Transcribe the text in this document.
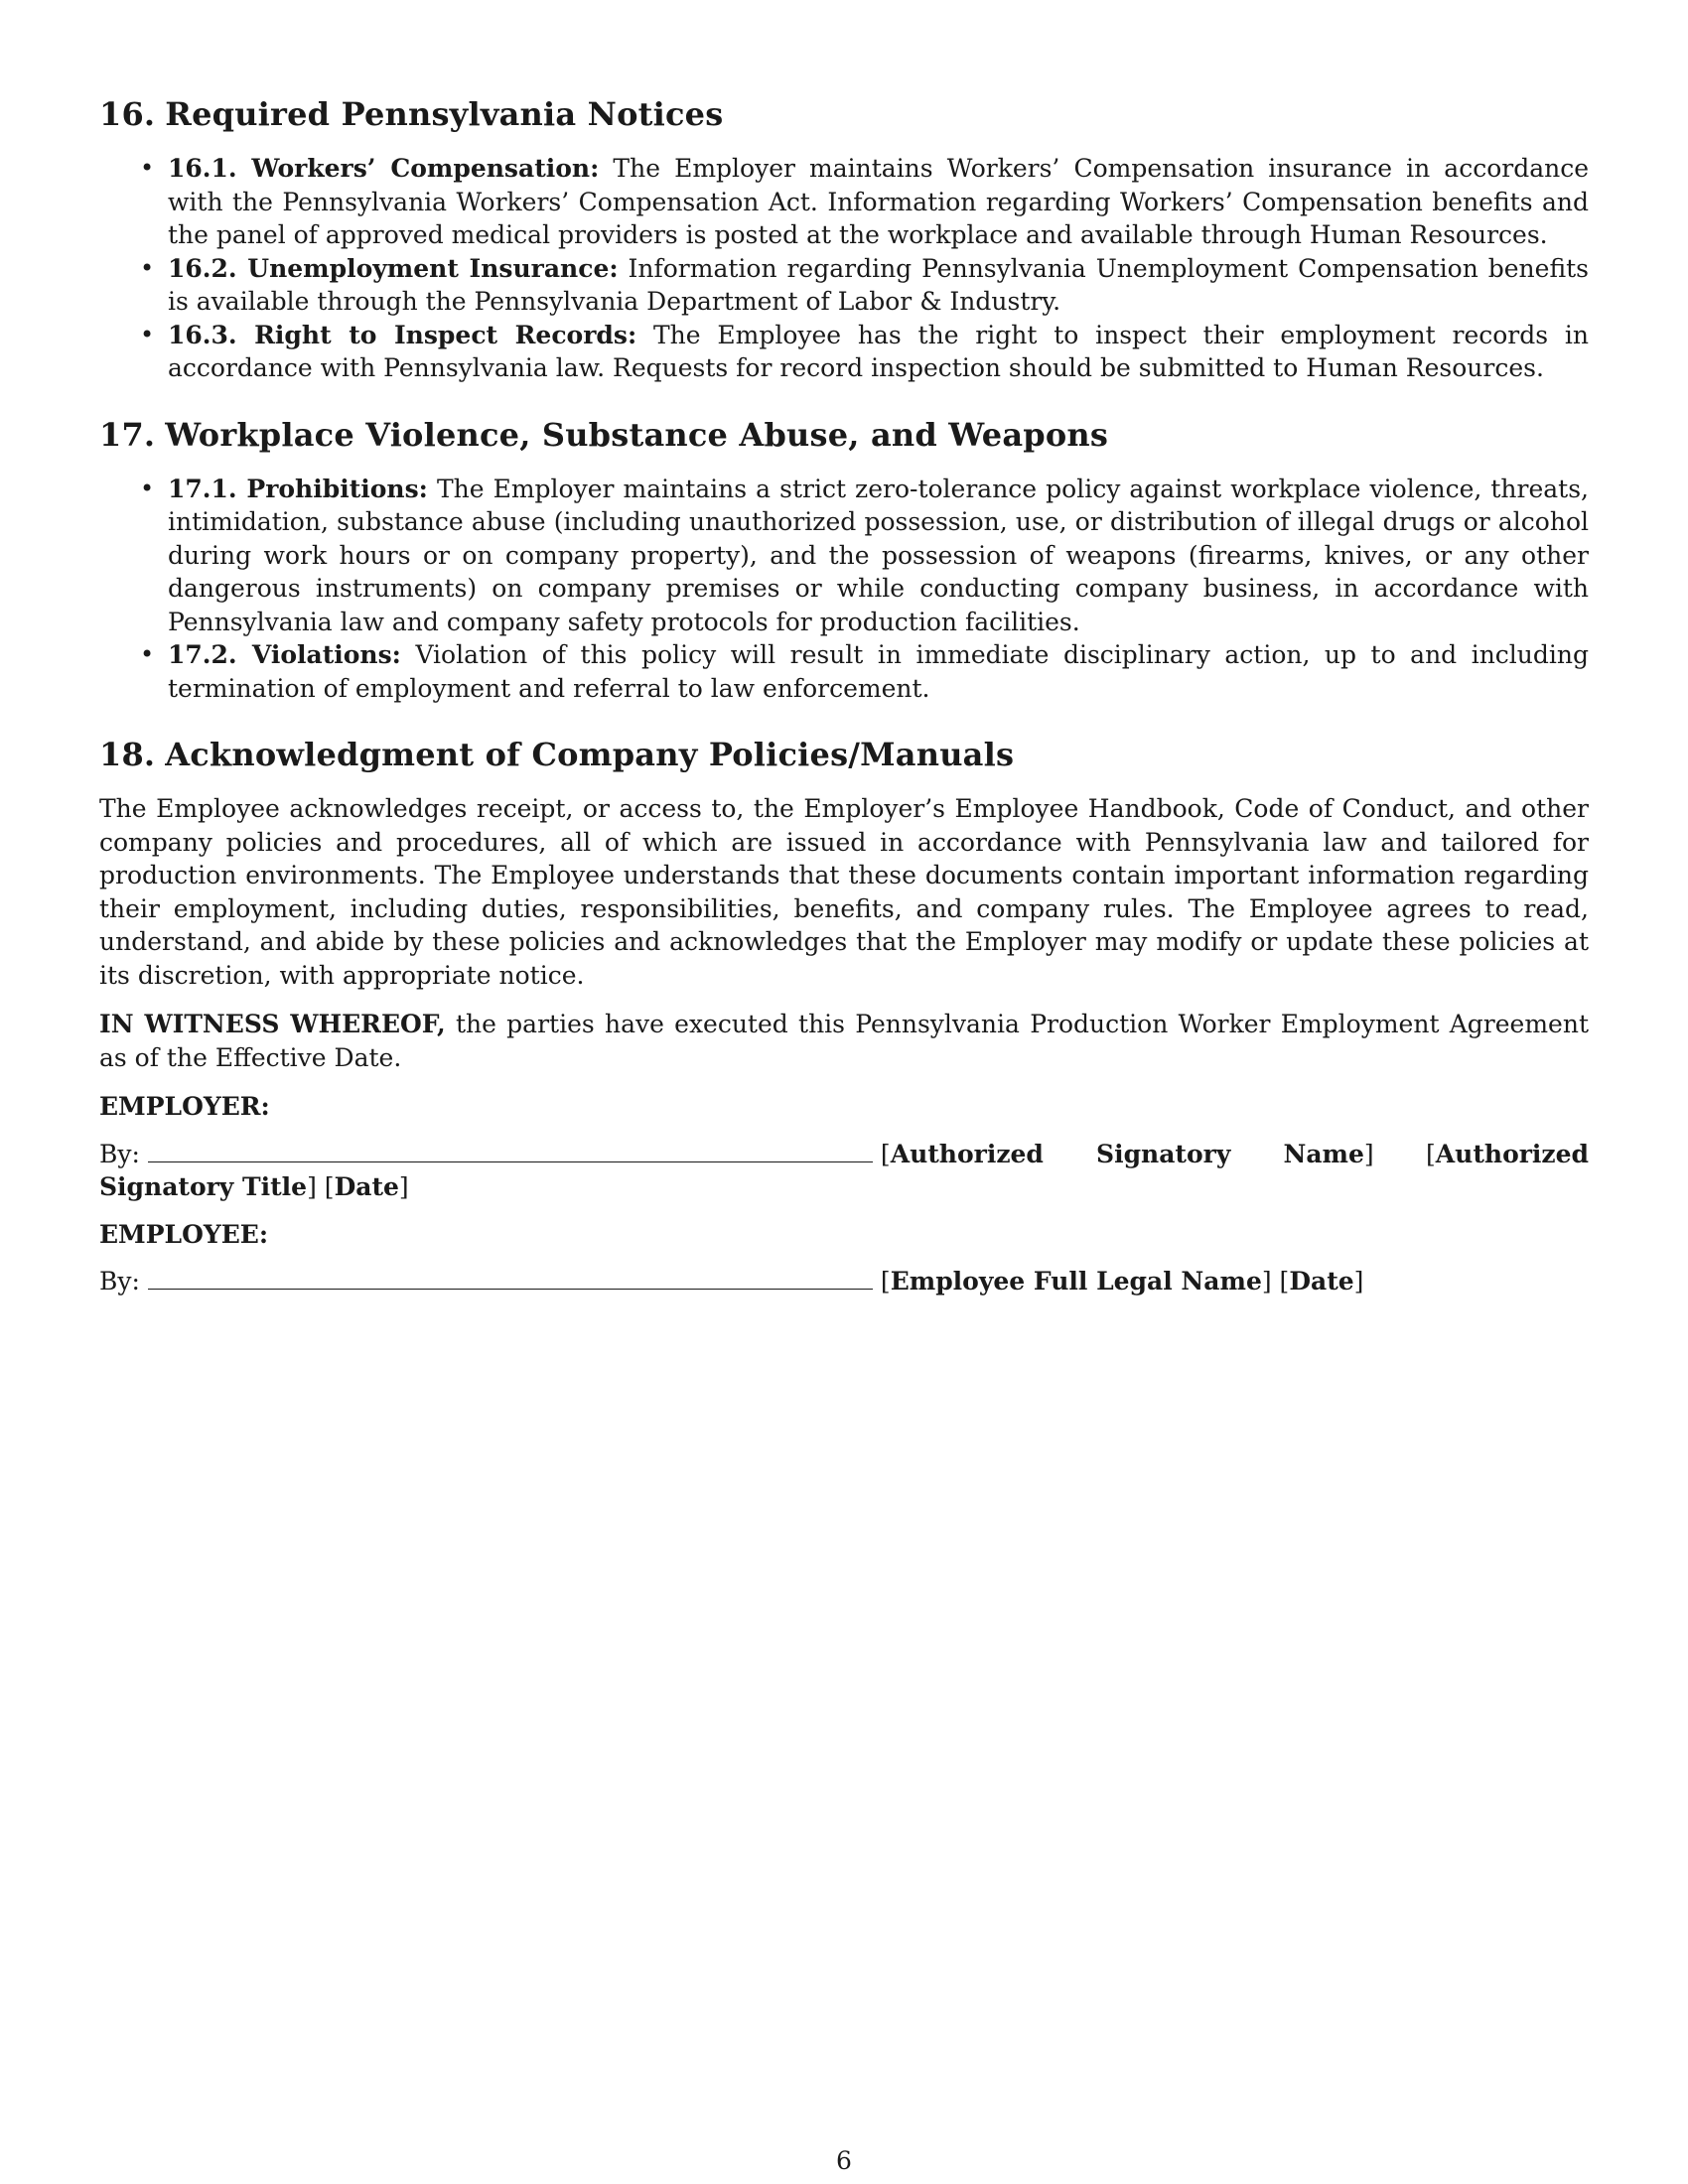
16. Required Pennsylvania Notices
• 16.1. Workers’ Compensation: The Employer maintains Workers’ Compensation insurance in accordance with the Pennsylvania Workers’ Compensation Act. Information regarding Workers’ Compensation benefits and the panel of approved medical providers is posted at the workplace and available through Human Resources.
• 16.2. Unemployment Insurance: Information regarding Pennsylvania Unemployment Compensation benefits is available through the Pennsylvania Department of Labor & Industry.
• 16.3. Right to Inspect Records: The Employee has the right to inspect their employment records in accordance with Pennsylvania law. Requests for record inspection should be submitted to Human Resources.
17. Workplace Violence, Substance Abuse, and Weapons
• 17.1. Prohibitions: The Employer maintains a strict zero-tolerance policy against workplace violence, threats, intimidation, substance abuse (including unauthorized possession, use, or distribution of illegal drugs or alcohol during work hours or on company property), and the possession of weapons (firearms, knives, or any other dangerous instruments) on company premises or while conducting company business, in accordance with Pennsylvania law and company safety protocols for production facilities.
• 17.2. Violations: Violation of this policy will result in immediate disciplinary action, up to and including termination of employment and referral to law enforcement.
18. Acknowledgment of Company Policies/Manuals

The Employee acknowledges receipt, or access to, the Employer’s Employee Handbook, Code of Conduct, and other company policies and procedures, all of which are issued in accordance with Pennsylvania law and tailored for production environments. The Employee understands that these documents contain important information regarding their employment, including duties, responsibilities, benefits, and company rules. The Employee agrees to read, understand, and abide by these policies and acknowledges that the Employer may modify or update these policies at its discretion, with appropriate notice.

IN WITNESS WHEREOF, the parties have executed this Pennsylvania Production Worker Employment Agreement as of the Effective Date.

EMPLOYER:
By:	[Authorized Signatory Name] [Authorized Signatory Title] [Date]
EMPLOYEE:
By:	[Employee Full Legal Name] [Date]
6
